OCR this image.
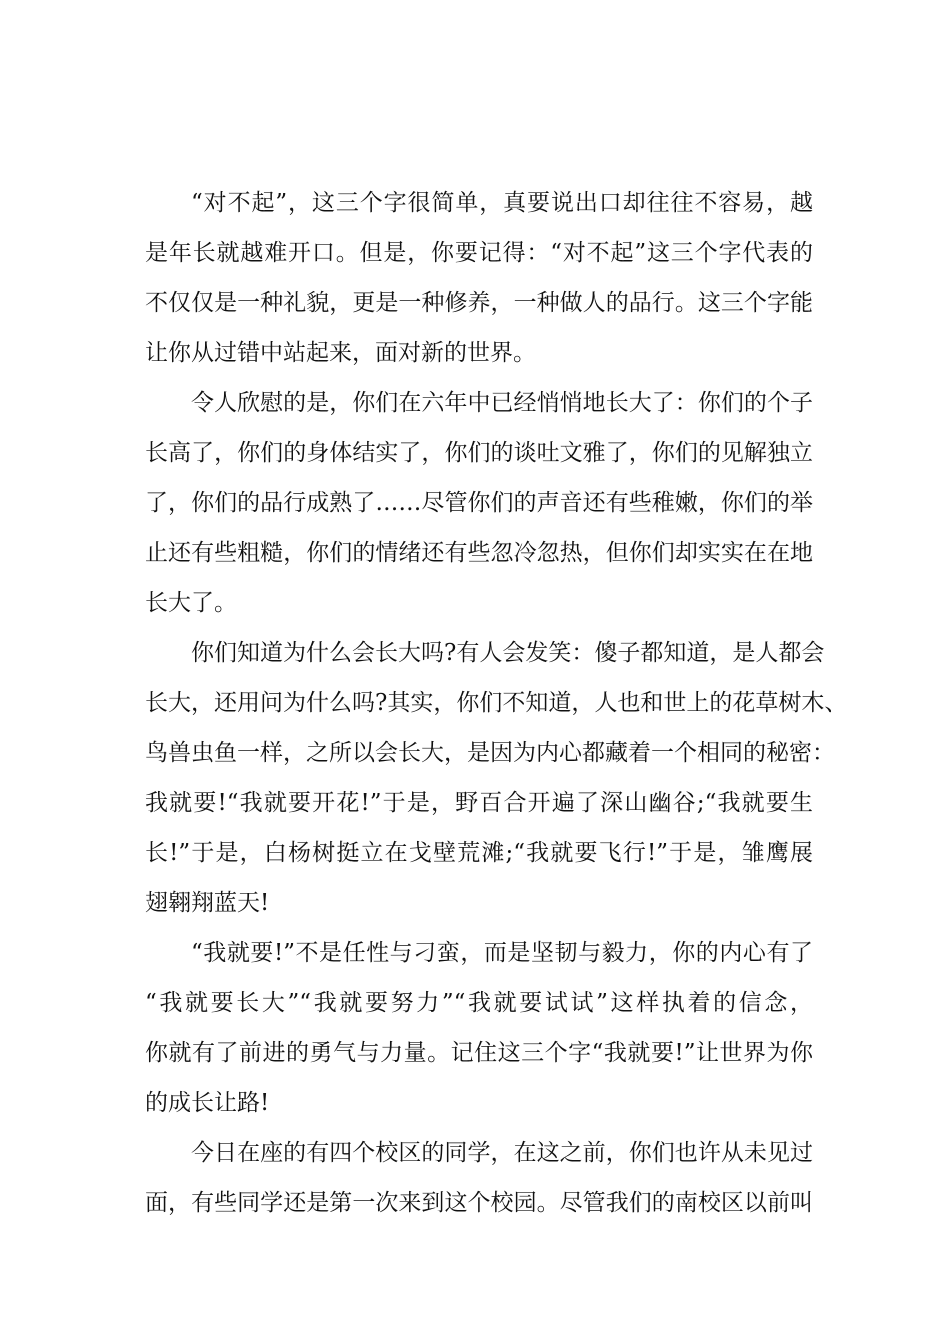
“对不起”，这三个字很简单，真要说出口却往往不容易，越
是年长就越难开口。但是，你要记得：“对不起”这三个字代表的
不仅仅是一种礼貌，更是一种修养，一种做人的品行。这三个字能
让你从过错中站起来，面对新的世界。
令人欣慰的是，你们在六年中已经悄悄地长大了：你们的个子
长高了，你们的身体结实了，你们的谈吐文雅了，你们的见解独立
了，你们的品行成熟了……尽管你们的声音还有些稚嫩，你们的举
止还有些粗糙，你们的情绪还有些忽冷忽热，但你们却实实在在地
长大了。
你们知道为什么会长大吗?有人会发笑：傻子都知道，是人都会
长大，还用问为什么吗?其实，你们不知道，人也和世上的花草树木、
鸟兽虫鱼一样，之所以会长大，是因为内心都藏着一个相同的秘密：
我就要!“我就要开花!”于是，野百合开遍了深山幽谷;“我就要生
长!”于是，白杨树挺立在戈壁荒滩;“我就要飞行!”于是，雏鹰展
翅翱翔蓝天!
“我就要!”不是任性与刁蛮，而是坚韧与毅力，你的内心有了
“我就要长大”“我就要努力”“我就要试试”这样执着的信念，
你就有了前进的勇气与力量。记住这三个字“我就要!”让世界为你
的成长让路!
今日在座的有四个校区的同学，在这之前，你们也许从未见过
面，有些同学还是第一次来到这个校园。尽管我们的南校区以前叫
